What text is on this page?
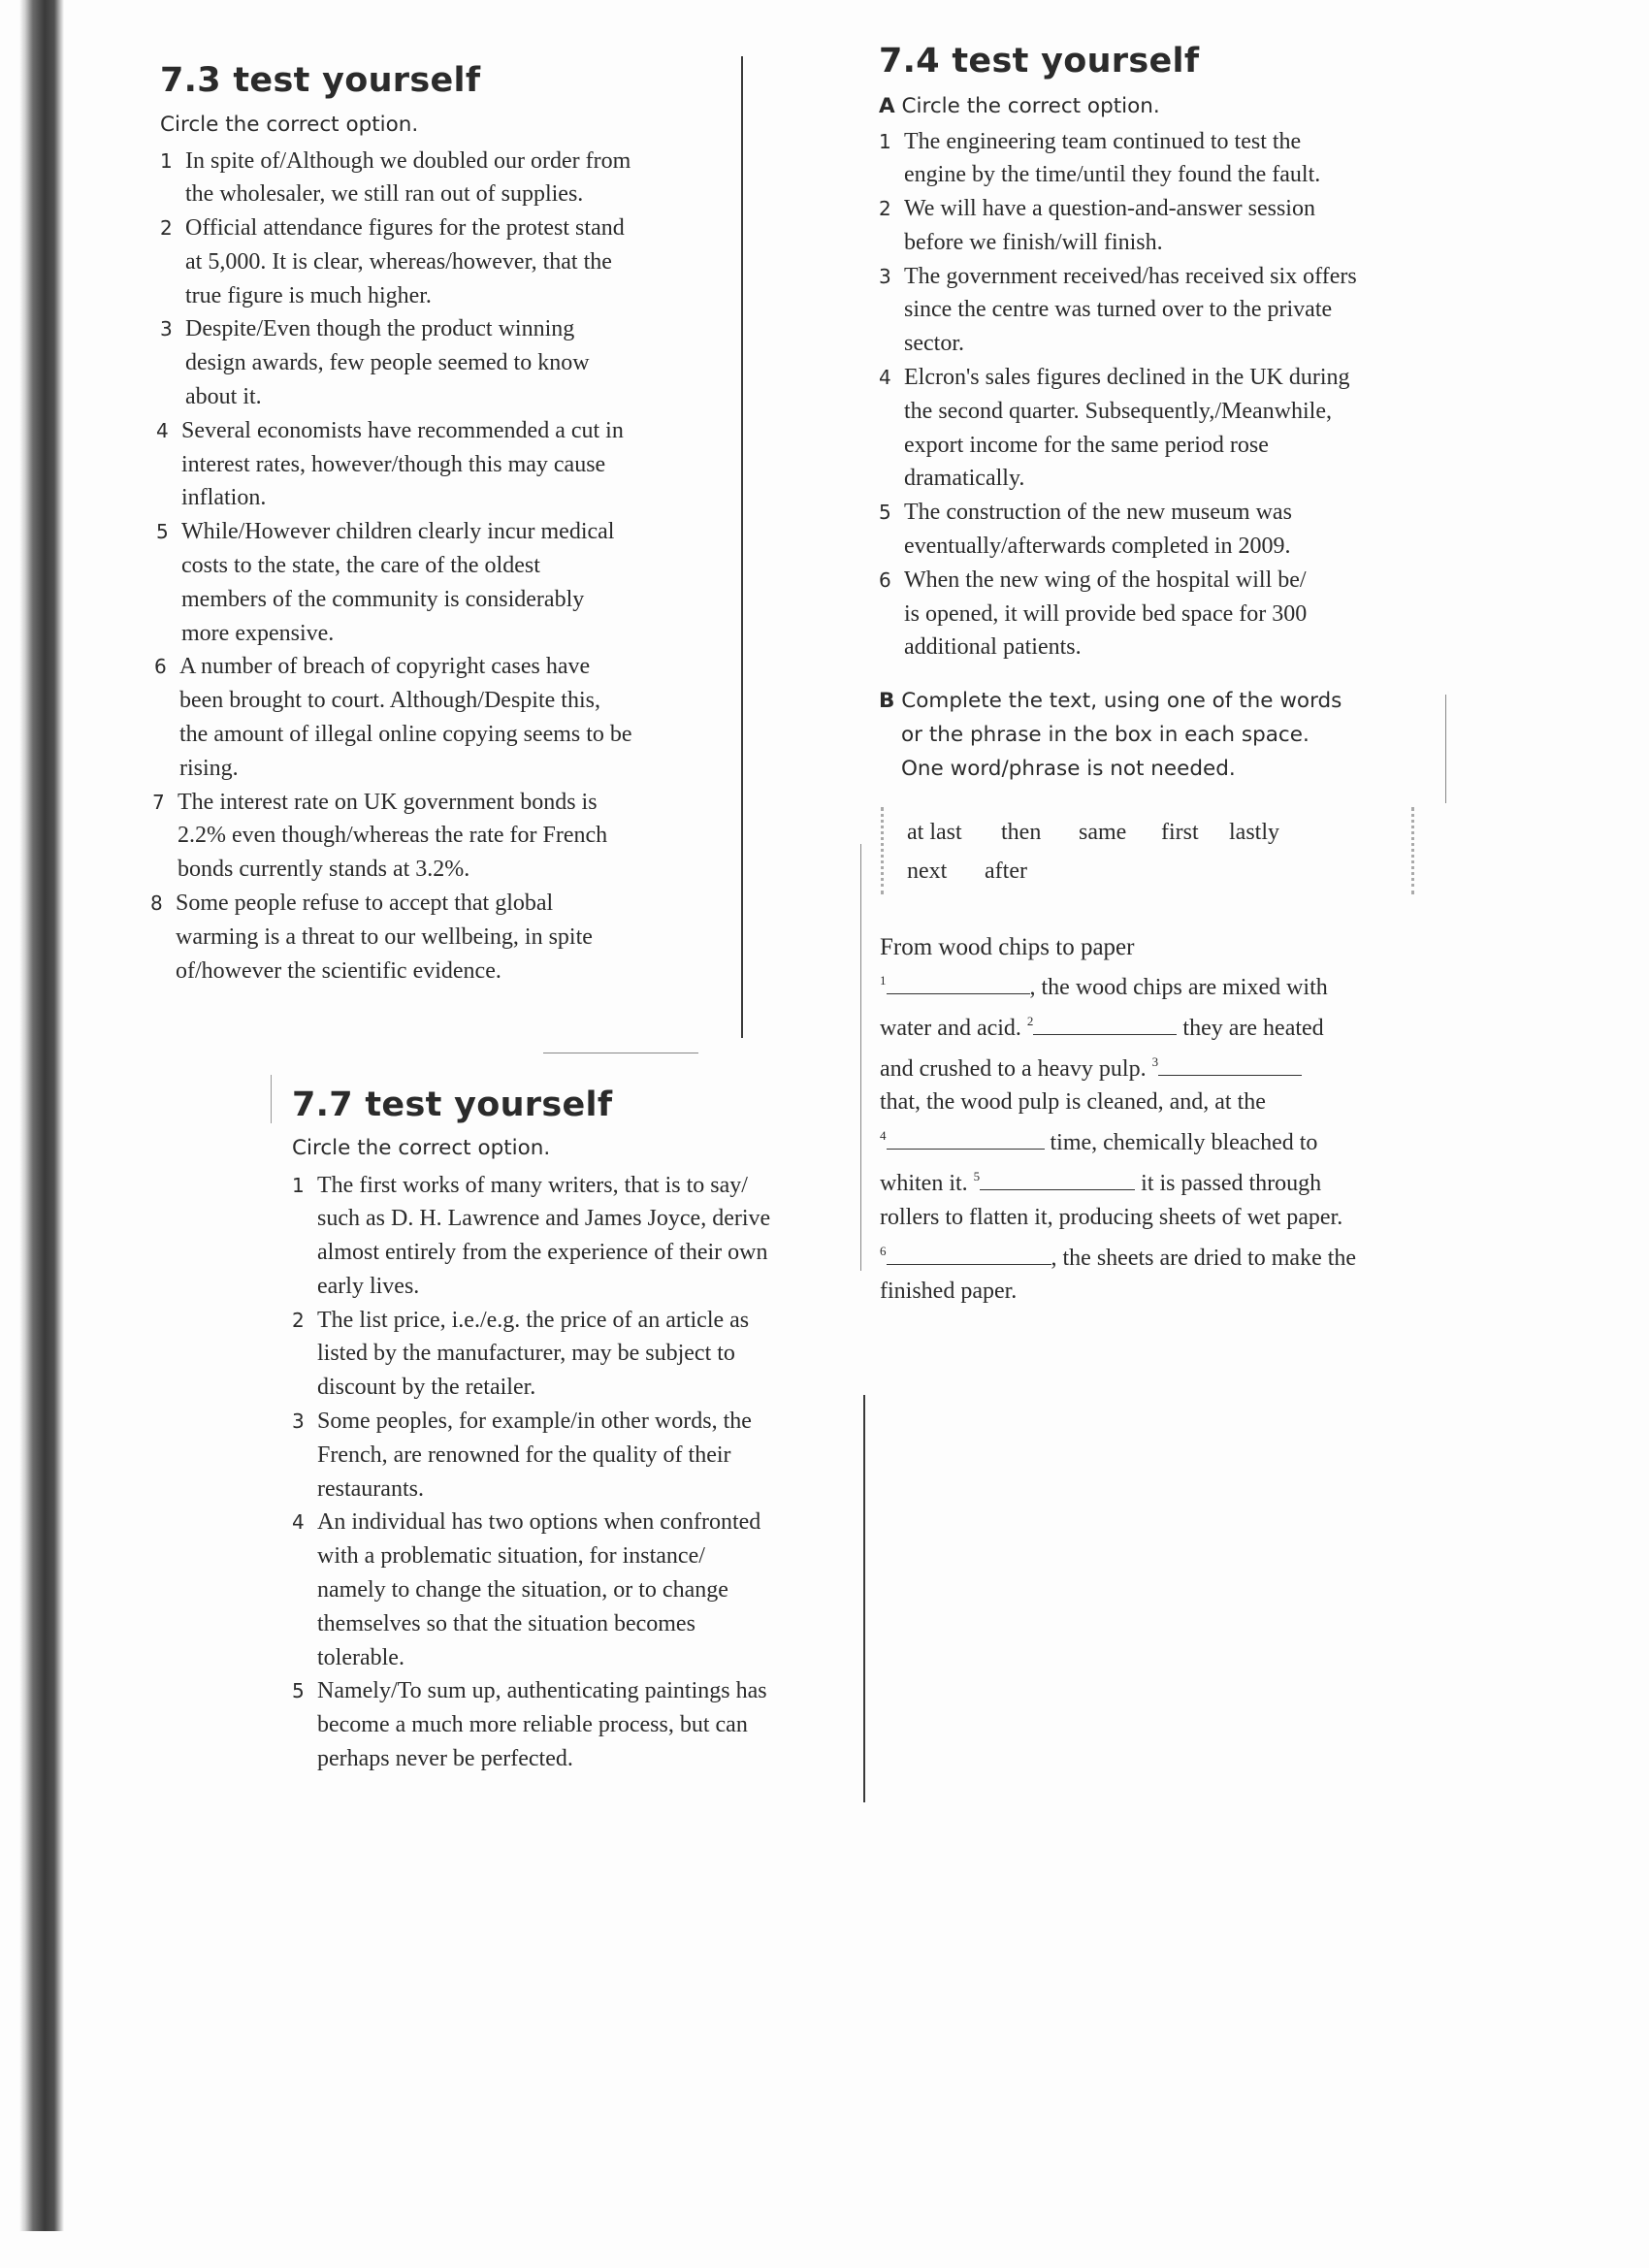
7.3 test yourself

Circle the correct option.

1 In spite of/Although we doubled our order from
the wholesaler, we still ran out of supplies.
2 Official attendance figures for the protest stand
at 5,000. It is clear, whereas/however, that the
true figure is much higher.
3 Despite/Even though the product winning
design awards, few people seemed to know
about it.
4 Several economists have recommended a cut in
interest rates, however/though this may cause
inflation.
5 While/However children clearly incur medical
costs to the state, the care of the oldest
members of the community is considerably
more expensive.
6 A number of breach of copyright cases have
been brought to court. Although/Despite this,
the amount of illegal online copying seems to be
rising.
7 The interest rate on UK government bonds is
2.2% even though/whereas the rate for French
bonds currently stands at 3.2%.
8 Some people refuse to accept that global
warming is a threat to our wellbeing, in spite
of/however the scientific evidence.
7.7 test yourself

Circle the correct option.

1 The first works of many writers, that is to say/
such as D. H. Lawrence and James Joyce, derive
almost entirely from the experience of their own
early lives.
2 The list price, i.e./e.g. the price of an article as
listed by the manufacturer, may be subject to
discount by the retailer.
3 Some peoples, for example/in other words, the
French, are renowned for the quality of their
restaurants.
4 An individual has two options when confronted
with a problematic situation, for instance/
namely to change the situation, or to change
themselves so that the situation becomes
tolerable.
5 Namely/To sum up, authenticating paintings has
become a much more reliable process, but can
perhaps never be perfected.
7.4 test yourself

A Circle the correct option.

1 The engineering team continued to test the
engine by the time/until they found the fault.
2 We will have a question-and-answer session
before we finish/will finish.
3 The government received/has received six offers
since the centre was turned over to the private
sector.
4 Elcron's sales figures declined in the UK during
the second quarter. Subsequently,/Meanwhile,
export income for the same period rose
dramatically.
5 The construction of the new museum was
eventually/afterwards completed in 2009.
6 When the new wing of the hospital will be/
is opened, it will provide bed space for 300
additional patients.
B Complete the text, using one of the words
or the phrase in the box in each space.
One word/phrase is not needed.
at last then same first lastly
next after

From wood chips to paper

$^1$	, the wood chips are mixed with

water and acid. $^2$	they are heated

and crushed to a heavy pulp. $^3$

that, the wood pulp is cleaned, and, at the

$^4$	time, chemically bleached to

whiten it. $^5$	it is passed through

rollers to flatten it, producing sheets of wet paper.

$^6$	, the sheets are dried to make the

finished paper.
